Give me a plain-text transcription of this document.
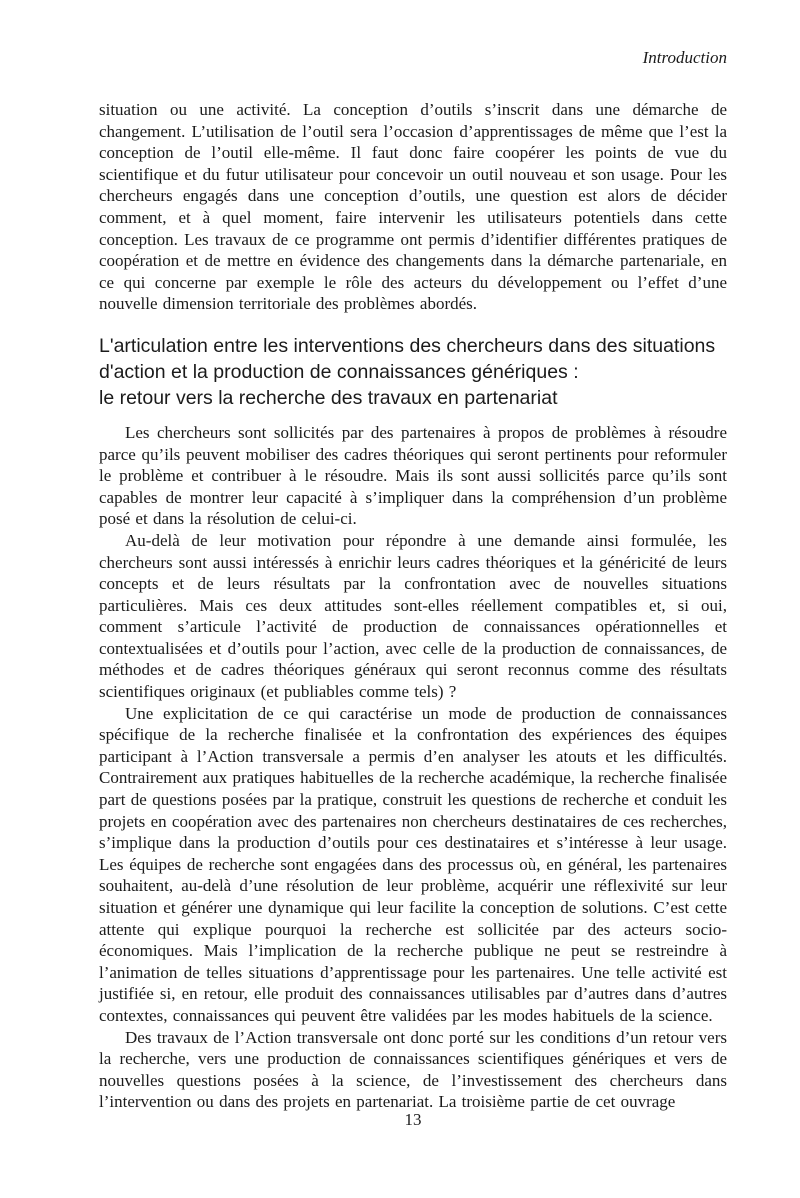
Introduction

situation ou une activité. La conception d’outils s’inscrit dans une démarche de changement. L’utilisation de l’outil sera l’occasion d’apprentissages de même que l’est la conception de l’outil elle-même. Il faut donc faire coopérer les points de vue du scientifique et du futur utilisateur pour concevoir un outil nouveau et son usage. Pour les chercheurs engagés dans une conception d’outils, une question est alors de décider comment, et à quel moment, faire intervenir les utilisateurs potentiels dans cette conception. Les travaux de ce programme ont permis d’identifier différentes pratiques de coopération et de mettre en évidence des changements dans la démarche partenariale, en ce qui concerne par exemple le rôle des acteurs du développement ou l’effet d’une nouvelle dimension territoriale des problèmes abordés.

L'articulation entre les interventions des chercheurs dans des situations
d'action et la production de connaissances génériques :
le retour vers la recherche des travaux en partenariat

Les chercheurs sont sollicités par des partenaires à propos de problèmes à résoudre parce qu’ils peuvent mobiliser des cadres théoriques qui seront pertinents pour reformuler le problème et contribuer à le résoudre. Mais ils sont aussi sollicités parce qu’ils sont capables de montrer leur capacité à s’impliquer dans la compréhension d’un problème posé et dans la résolution de celui-ci.

Au-delà de leur motivation pour répondre à une demande ainsi formulée, les chercheurs sont aussi intéressés à enrichir leurs cadres théoriques et la généricité de leurs concepts et de leurs résultats par la confrontation avec de nouvelles situations particulières. Mais ces deux attitudes sont-elles réellement compatibles et, si oui, comment s’articule l’activité de production de connaissances opérationnelles et contextualisées et d’outils pour l’action, avec celle de la production de connaissances, de méthodes et de cadres théoriques généraux qui seront reconnus comme des résultats scientifiques originaux (et publiables comme tels) ?

Une explicitation de ce qui caractérise un mode de production de connaissances spécifique de la recherche finalisée et la confrontation des expériences des équipes participant à l’Action transversale a permis d’en analyser les atouts et les difficultés. Contrairement aux pratiques habituelles de la recherche académique, la recherche finalisée part de questions posées par la pratique, construit les questions de recherche et conduit les projets en coopération avec des partenaires non chercheurs destinataires de ces recherches, s’implique dans la production d’outils pour ces destinataires et s’intéresse à leur usage. Les équipes de recherche sont engagées dans des processus où, en général, les partenaires souhaitent, au-delà d’une résolution de leur problème, acquérir une réflexivité sur leur situation et générer une dynamique qui leur facilite la conception de solutions. C’est cette attente qui explique pourquoi la recherche est sollicitée par des acteurs socio-économiques. Mais l’implication de la recherche publique ne peut se restreindre à l’animation de telles situations d’apprentissage pour les partenaires. Une telle activité est justifiée si, en retour, elle produit des connaissances utilisables par d’autres dans d’autres contextes, connaissances qui peuvent être validées par les modes habituels de la science.

Des travaux de l’Action transversale ont donc porté sur les conditions d’un retour vers la recherche, vers une production de connaissances scientifiques génériques et vers de nouvelles questions posées à la science, de l’investissement des chercheurs dans l’intervention ou dans des projets en partenariat. La troisième partie de cet ouvrage

13
